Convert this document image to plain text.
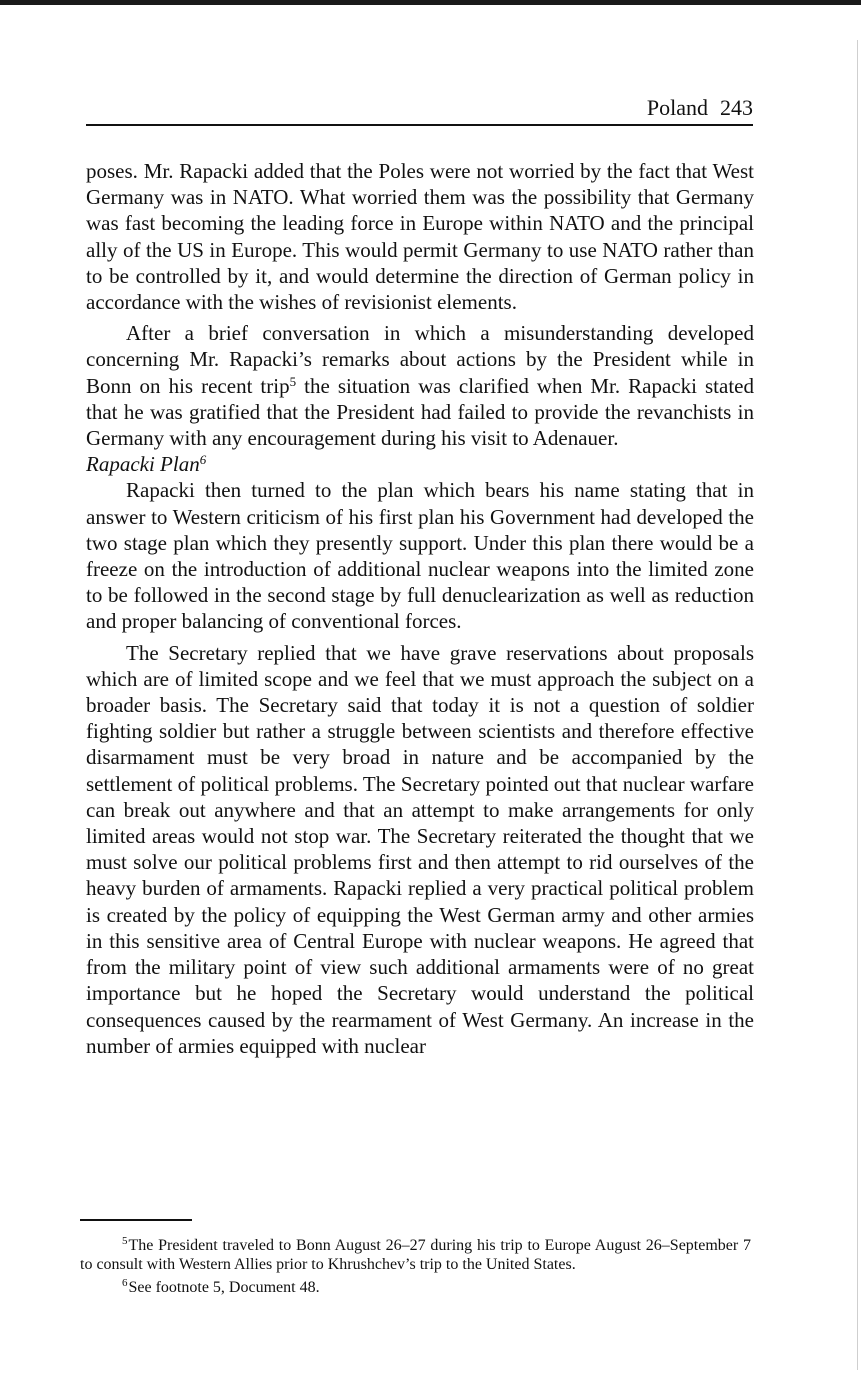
Poland 243

poses. Mr. Rapacki added that the Poles were not worried by the fact that West Germany was in NATO. What worried them was the possibility that Germany was fast becoming the leading force in Europe within NATO and the principal ally of the US in Europe. This would permit Germany to use NATO rather than to be controlled by it, and would determine the direction of German policy in accordance with the wishes of revisionist elements.

After a brief conversation in which a misunderstanding developed concerning Mr. Rapacki’s remarks about actions by the President while in Bonn on his recent trip$^5$ the situation was clarified when Mr. Rapacki stated that he was gratified that the President had failed to provide the revanchists in Germany with any encouragement during his visit to Adenauer.

Rapacki Plan$^6$

Rapacki then turned to the plan which bears his name stating that in answer to Western criticism of his first plan his Government had developed the two stage plan which they presently support. Under this plan there would be a freeze on the introduction of additional nuclear weapons into the limited zone to be followed in the second stage by full denuclearization as well as reduction and proper balancing of conventional forces.

The Secretary replied that we have grave reservations about proposals which are of limited scope and we feel that we must approach the subject on a broader basis. The Secretary said that today it is not a question of soldier fighting soldier but rather a struggle between scientists and therefore effective disarmament must be very broad in nature and be accompanied by the settlement of political problems. The Secretary pointed out that nuclear warfare can break out anywhere and that an attempt to make arrangements for only limited areas would not stop war. The Secretary reiterated the thought that we must solve our political problems first and then attempt to rid ourselves of the heavy burden of armaments. Rapacki replied a very practical political problem is created by the policy of equipping the West German army and other armies in this sensitive area of Central Europe with nuclear weapons. He agreed that from the military point of view such additional armaments were of no great importance but he hoped the Secretary would understand the political consequences caused by the rearmament of West Germany. An increase in the number of armies equipped with nuclear

$^5$The President traveled to Bonn August 26–27 during his trip to Europe August 26–September 7 to consult with Western Allies prior to Khrushchev’s trip to the United States.

$^6$See footnote 5, Document 48.
